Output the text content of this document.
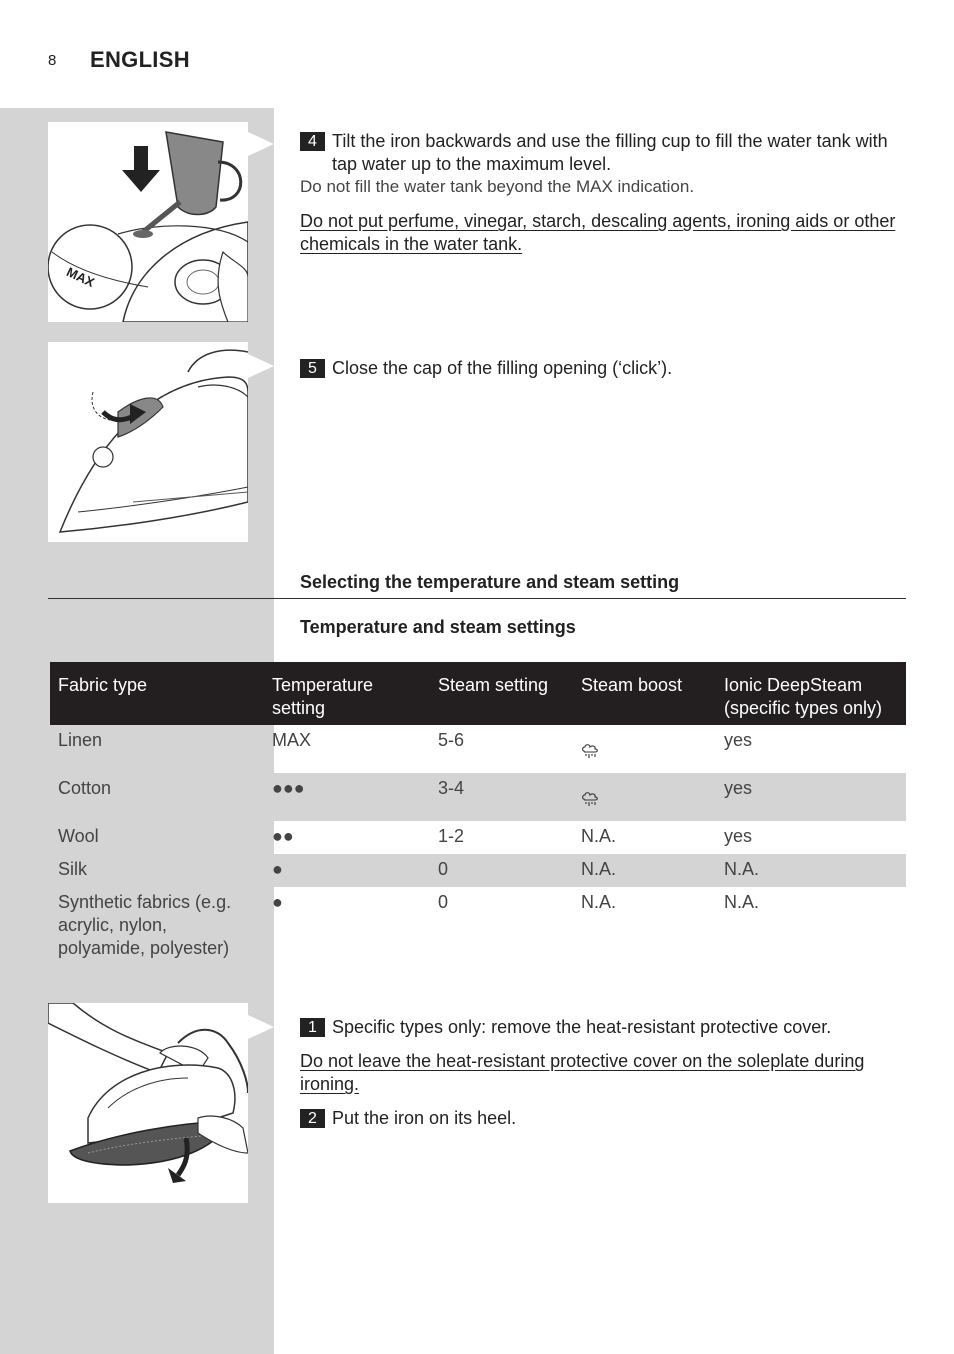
8 ENGLISH
MAX
4 Tilt the iron backwards and use the filling cup to fill the water tank with tap water up to the maximum level.
Do not fill the water tank beyond the MAX indication.
Do not put perfume, vinegar, starch, descaling agents, ironing aids or other chemicals in the water tank.
5 Close the cap of the filling opening (‘click’).
Selecting the temperature and steam setting
Temperature and steam settings
Fabric type	Temperature setting	Steam setting	Steam boost	Ionic DeepSteam (specific types only)
Linen	MAX	5-6		yes
Cotton	●●●	3-4		yes
Wool	●●	1-2	N.A.	yes
Silk	●	0	N.A.	N.A.
Synthetic fabrics (e.g. acrylic, nylon, polyamide, polyester)	●	0	N.A.	N.A.
1 Specific types only: remove the heat-resistant protective cover.
Do not leave the heat-resistant protective cover on the soleplate during ironing.
2 Put the iron on its heel.
